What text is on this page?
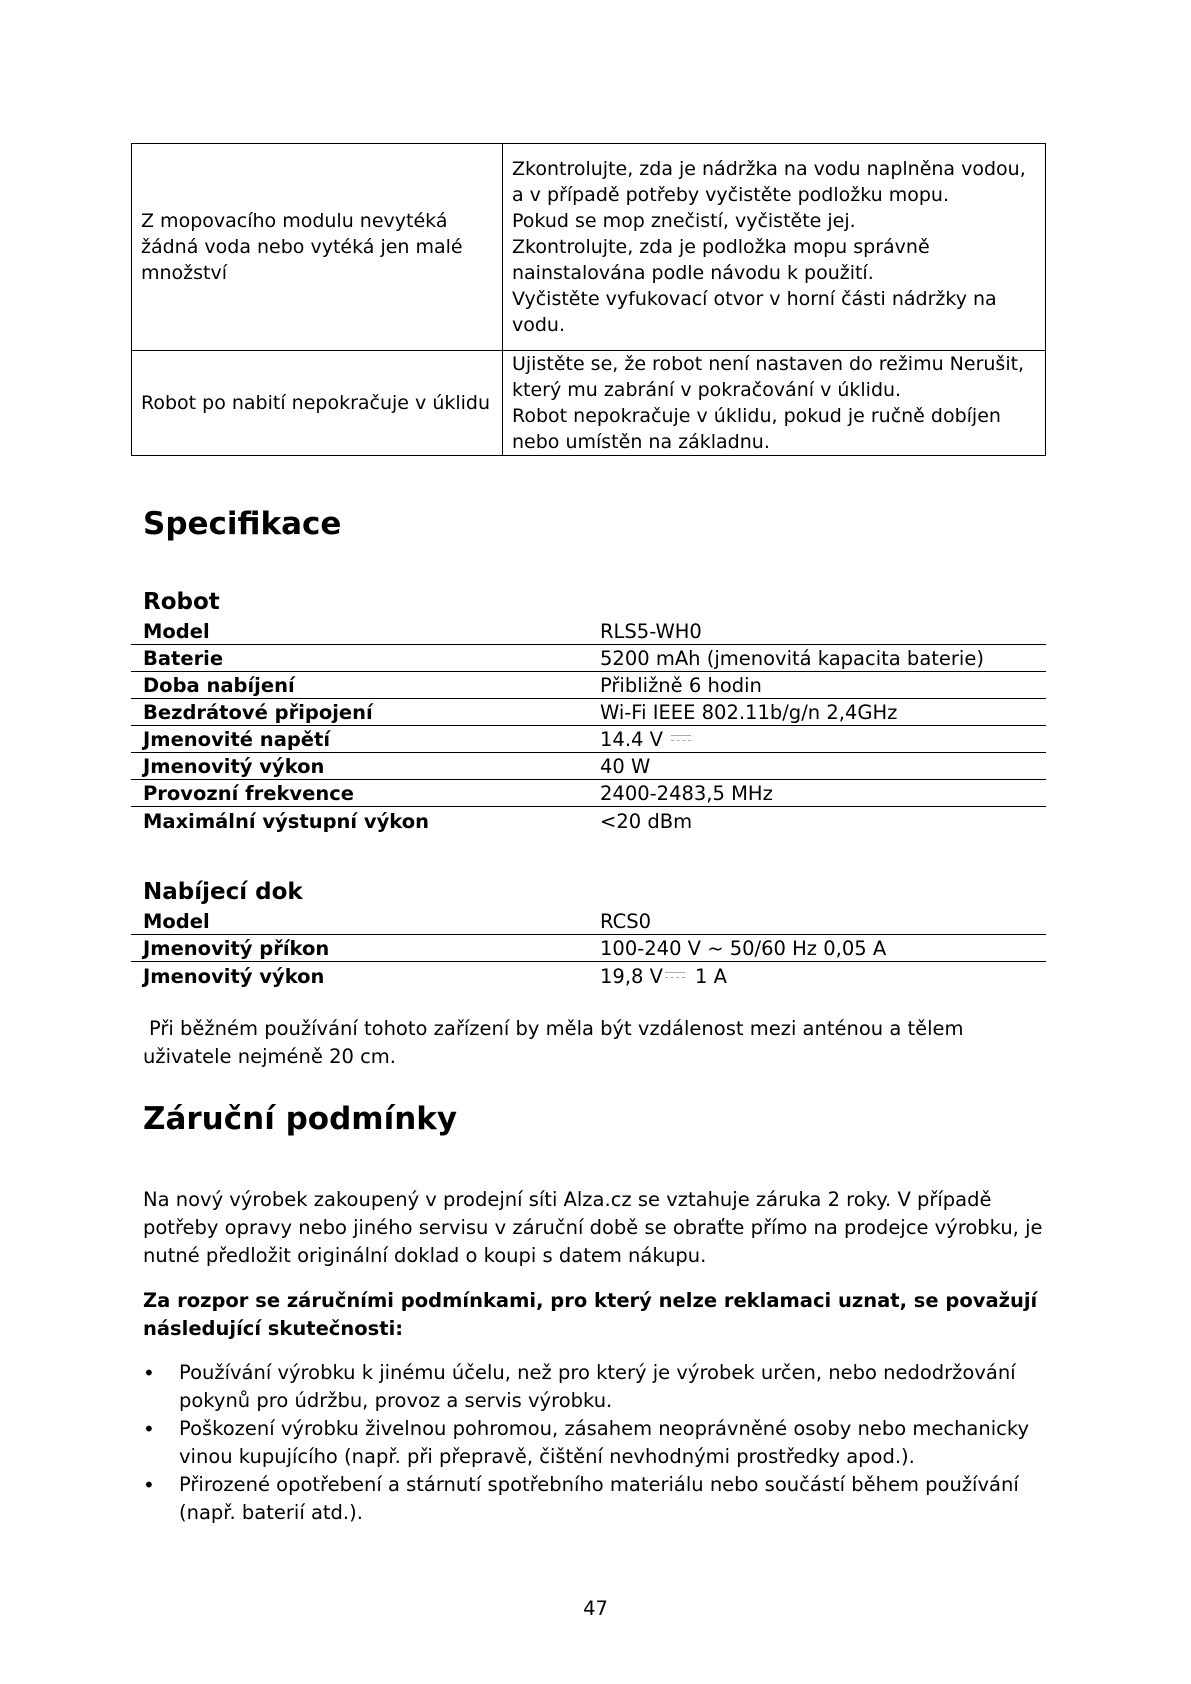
Z mopovacího modulu nevytéká žádná voda nebo vytéká jen malé množství	Zkontrolujte, zda je nádržka na vodu naplněna vodou, a v případě potřeby vyčistěte podložku mopu.

Pokud se mop znečistí, vyčistěte jej.

Zkontrolujte, zda je podložka mopu správně nainstalována podle návodu k použití.

Vyčistěte vyfukovací otvor v horní části nádržky na vodu.

Robot po nabití nepokračuje v úklidu	Ujistěte se, že robot není nastaven do režimu Nerušit, který mu zabrání v pokračování v úklidu.

Robot nepokračuje v úklidu, pokud je ručně dobíjen nebo umístěn na základnu.

Specifikace
Robot
Model	RLS5-WH0
Baterie	5200 mAh (jmenovitá kapacita baterie)
Doba nabíjení	Přibližně 6 hodin
Bezdrátové připojení	Wi-Fi IEEE 802.11b/g/n 2,4GHz
Jmenovité napětí	14.4 V
Jmenovitý výkon	40 W
Provozní frekvence	2400-2483,5 MHz
Maximální výstupní výkon	<20 dBm
Nabíjecí dok
Model	RCS0
Jmenovitý příkon	100-240 V ~ 50/60 Hz 0,05 A
Jmenovitý výkon	19,8 V 1 A

Při běžném používání tohoto zařízení by měla být vzdálenost mezi anténou a tělem uživatele nejméně 20 cm.

Záruční podmínky

Na nový výrobek zakoupený v prodejní síti Alza.cz se vztahuje záruka 2 roky. V případě potřeby opravy nebo jiného servisu v záruční době se obraťte přímo na prodejce výrobku, je nutné předložit originální doklad o koupi s datem nákupu.

Za rozpor se záručními podmínkami, pro který nelze reklamaci uznat, se považují následující skutečnosti:

• Používání výrobku k jinému účelu, než pro který je výrobek určen, nebo nedodržování pokynů pro údržbu, provoz a servis výrobku.
• Poškození výrobku živelnou pohromou, zásahem neoprávněné osoby nebo mechanicky vinou kupujícího (např. při přepravě, čištění nevhodnými prostředky apod.).
• Přirozené opotřebení a stárnutí spotřebního materiálu nebo součástí během používání (např. baterií atd.).
47
